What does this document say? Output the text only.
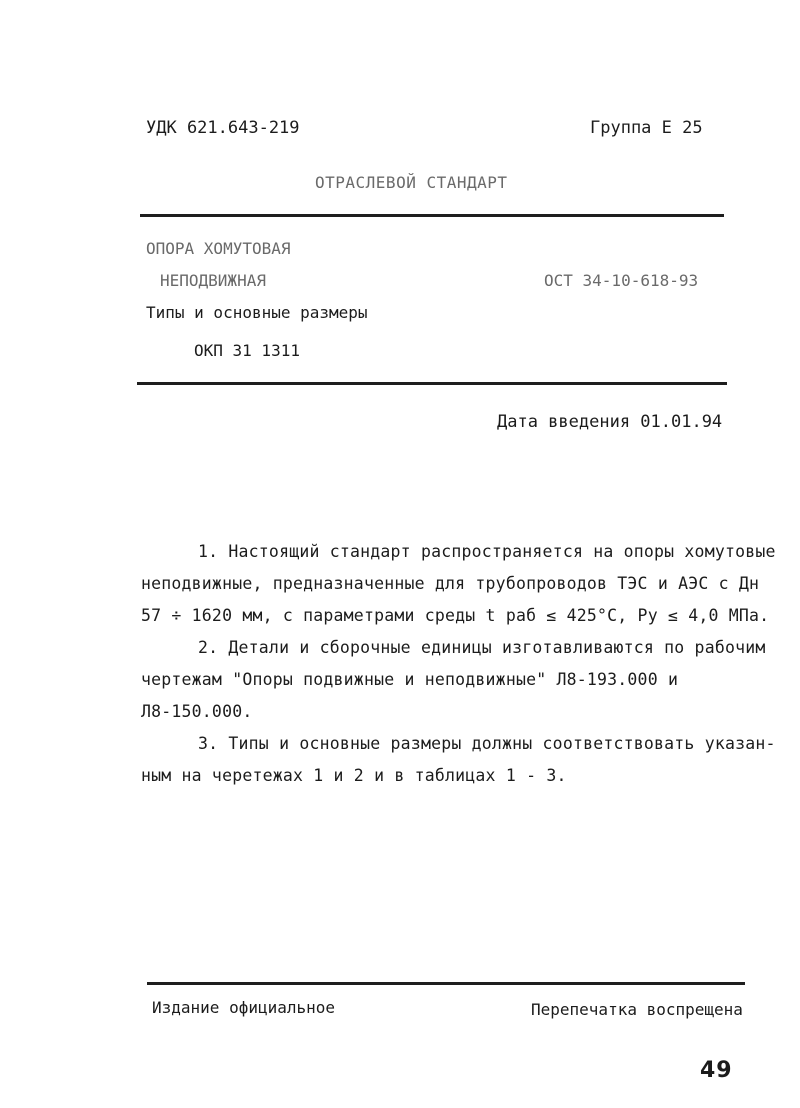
УДК 621.643-219	Группа Е 25
ОТРАСЛЕВОЙ СТАНДАРТ
ОПОРА ХОМУТОВАЯ
НЕПОДВИЖНАЯ	ОСТ 34-10-618-93
Типы и основные размеры
ОКП 31 1311
Дата введения 01.01.94
1. Настоящий стандарт распространяется на опоры хомутовые
неподвижные, предназначенные для трубопроводов ТЭС и АЭС с Дн
57 ÷ 1620 мм, с параметрами среды t раб ≤ 425°С, Ру ≤ 4,0 МПа.
2. Детали и сборочные единицы изготавливаются по рабочим
чертежам "Опоры подвижные и неподвижные" Л8-193.000 и
Л8-150.000.
3. Типы и основные размеры должны соответствовать указан-
ным на черетежах 1 и 2 и в таблицах 1 - 3.
Издание официальное	Перепечатка воспрещена
49
